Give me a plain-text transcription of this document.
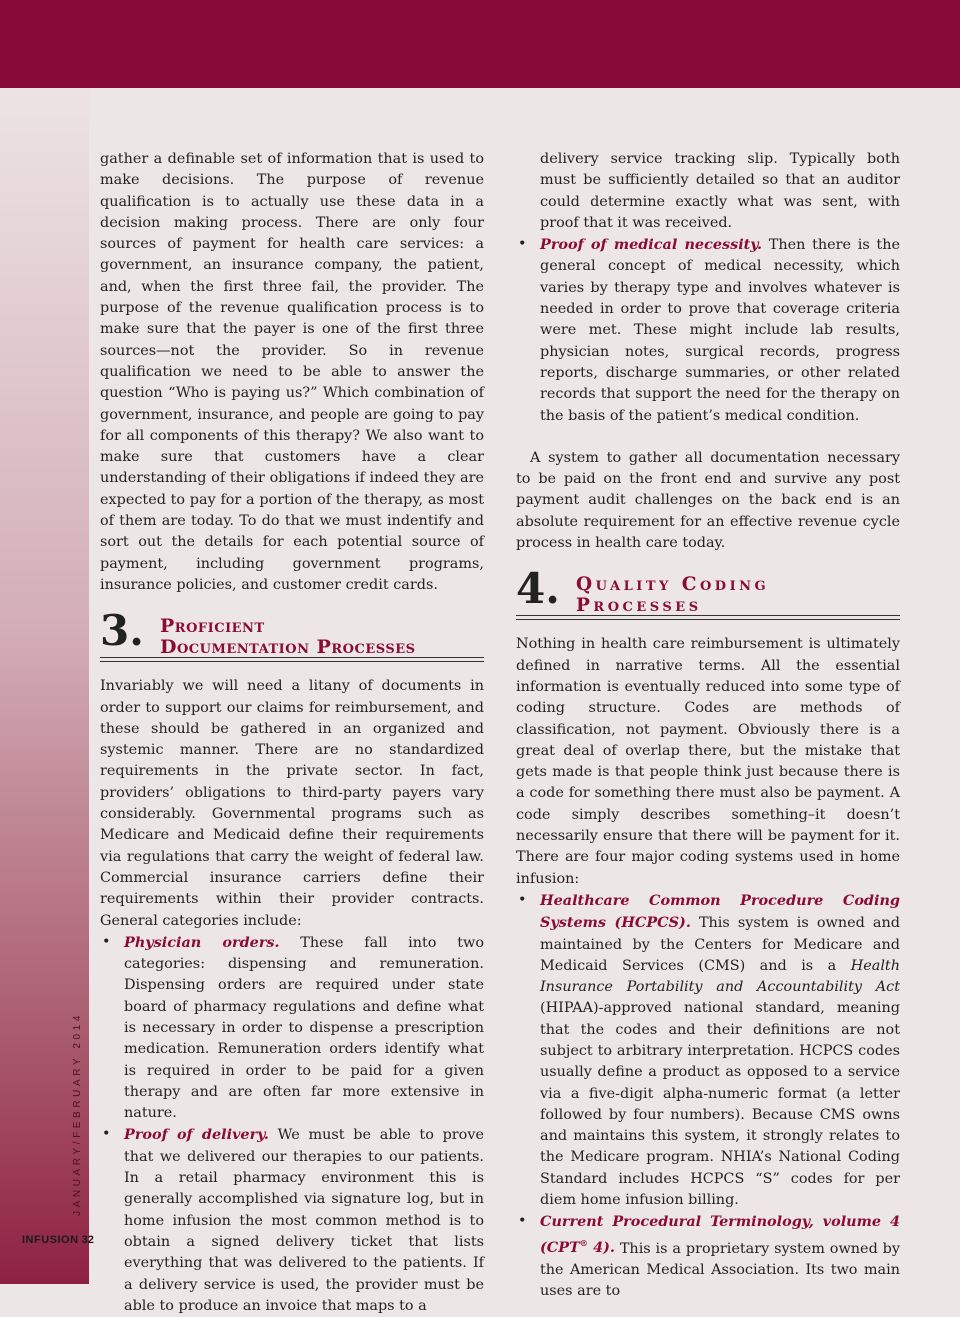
JANUARY/FEBRUARY 2014
INFUSION 32

gather a definable set of information that is used to make decisions. The purpose of revenue qualification is to actually use these data in a decision making process. There are only four sources of payment for health care services: a government, an insurance company, the patient, and, when the first three fail, the provider. The purpose of the revenue qualification process is to make sure that the payer is one of the first three sources—not the provider. So in revenue qualification we need to be able to answer the question “Who is paying us?” Which combination of government, insurance, and people are going to pay for all components of this therapy? We also want to make sure that customers have a clear understanding of their obligations if indeed they are expected to pay for a portion of the therapy, as most of them are today. To do that we must indentify and sort out the details for each potential source of payment, including government programs, insurance policies, and customer credit cards.

3. Proficient
Documentation Processes

Invariably we will need a litany of documents in order to support our claims for reimbursement, and these should be gathered in an organized and systemic manner. There are no standardized requirements in the private sector. In fact, providers’ obligations to third-party payers vary considerably. Governmental programs such as Medicare and Medicaid define their requirements via regulations that carry the weight of federal law. Commercial insurance carriers define their requirements within their provider contracts. General categories include:

• Physician orders. These fall into two categories: dispensing and remuneration. Dispensing orders are required under state board of pharmacy regulations and define what is necessary in order to dispense a prescription medication. Remuneration orders identify what is required in order to be paid for a given therapy and are often far more extensive in nature.
• Proof of delivery. We must be able to prove that we delivered our therapies to our patients. In a retail pharmacy environment this is generally accomplished via signature log, but in home infusion the most common method is to obtain a signed delivery ticket that lists everything that was delivered to the patients. If a delivery service is used, the provider must be able to produce an invoice that maps to a
delivery service tracking slip. Typically both must be sufficiently detailed so that an auditor could determine exactly what was sent, with proof that it was received.
• Proof of medical necessity. Then there is the general concept of medical necessity, which varies by therapy type and involves whatever is needed in order to prove that coverage criteria were met. These might include lab results, physician notes, surgical records, progress reports, discharge summaries, or other related records that support the need for the therapy on the basis of the patient’s medical condition.

A system to gather all documentation necessary to be paid on the front end and survive any post payment audit challenges on the back end is an absolute requirement for an effective revenue cycle process in health care today.

4. Quality Coding
Processes

Nothing in health care reimbursement is ultimately defined in narrative terms. All the essential information is eventually reduced into some type of coding structure. Codes are methods of classification, not payment. Obviously there is a great deal of overlap there, but the mistake that gets made is that people think just because there is a code for something there must also be payment. A code simply describes something–it doesn’t necessarily ensure that there will be payment for it. There are four major coding systems used in home infusion:

• Healthcare Common Procedure Coding Systems (HCPCS). This system is owned and maintained by the Centers for Medicare and Medicaid Services (CMS) and is a Health Insurance Portability and Accountability Act (HIPAA)-approved national standard, meaning that the codes and their definitions are not subject to arbitrary interpretation. HCPCS codes usually define a product as opposed to a service via a five-digit alpha-numeric format (a letter followed by four numbers). Because CMS owns and maintains this system, it strongly relates to the Medicare program. NHIA’s National Coding Standard includes HCPCS “S” codes for per diem home infusion billing.
• Current Procedural Terminology, volume 4 (CPT® 4). This is a proprietary system owned by the American Medical Association. Its two main uses are to
